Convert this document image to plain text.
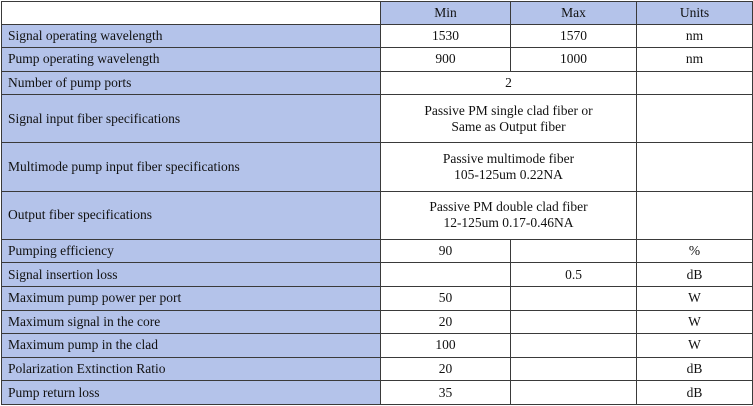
	Min	Max	Units
Signal operating wavelength	1530	1570	nm
Pump operating wavelength	900	1000	nm
Number of pump ports	2		
Signal input fiber specifications	Passive PM single clad fiber or
Same as Output fiber		

Multimode pump input fiber specifications	Passive multimode fiber
105-125um 0.22NA		

Output fiber specifications	Passive PM double clad fiber
12-125um 0.17-0.46NA		

Pumping efficiency	90		%
Signal insertion loss		0.5	dB
Maximum pump power per port	50		W
Maximum signal in the core	20		W
Maximum pump in the clad	100		W
Polarization Extinction Ratio	20		dB
Pump return loss	35		dB
